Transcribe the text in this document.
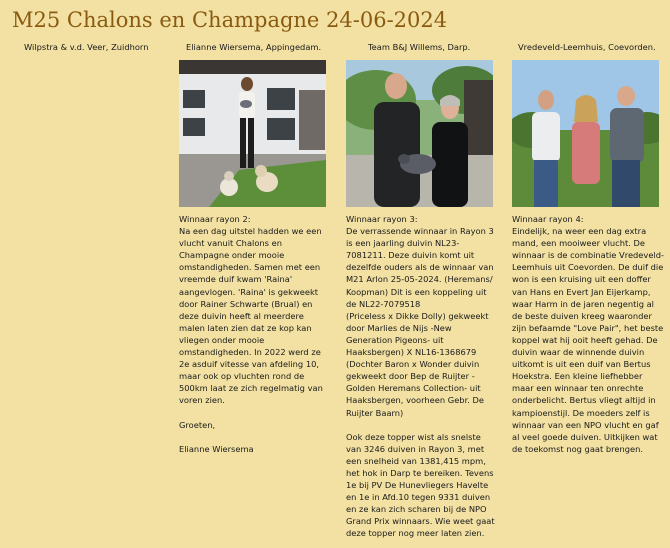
M25 Chalons en Champagne 24-06-2024
Wilpstra & v.d. Veer, Zuidhorn	Elianne Wiersema, Appingedam.
Winnaar rayon 2:
Na een dag uitstel hadden we een vlucht vanuit Chalons en Champagne onder mooie omstandigheden. Samen met een vreemde duif kwam 'Raina' aangevlogen. 'Raina' is gekweekt door Rainer Schwarte (Brual) en deze duivin heeft al meerdere malen laten zien dat ze kop kan vliegen onder mooie omstandigheden. In 2022 werd ze 2e asduif vitesse van afdeling 10, maar ook op vluchten rond de 500km laat ze zich regelmatig van voren zien.

Groeten,

Elianne Wiersema
Team B&J Willems, Darp.
Winnaar rayon 3:
De verrassende winnaar in Rayon 3 is een jaarling duivin NL23-7081211. Deze duivin komt uit dezelfde ouders als de winnaar van M21 Arlon 25-05-2024. (Heremans/ Koopman) Dit is een koppeling uit de NL22-7079518
(Priceless x Dikke Dolly) gekweekt door Marlies de Nijs -New Generation Pigeons- uit Haaksbergen) X NL16-1368679 (Dochter Baron x Wonder duivin gekweekt door Bep de Ruijter - Golden Heremans Collection- uit Haaksbergen, voorheen Gebr. De Ruijter Baarn)

Ook deze topper wist als snelste van 3246 duiven in Rayon 3, met een snelheid van 1381,415 mpm, het hok in Darp te bereiken. Tevens 1e bij PV De Hunevliegers Havelte en 1e in Afd.10 tegen 9331 duiven en ze kan zich scharen bij de NPO Grand Prix winnaars. Wie weet gaat deze topper nog meer laten zien.
Vredeveld-Leemhuis, Coevorden.
Winnaar rayon 4:
Eindelijk, na weer een dag extra mand, een mooiweer vlucht. De winnaar is de combinatie Vredeveld-Leemhuis uit Coevorden. De duif die won is een kruising uit een doffer van Hans en Evert Jan Eijerkamp, waar Harm in de jaren negentig al de beste duiven kreeg waaronder zijn befaamde "Love Pair", het beste koppel wat hij ooit heeft gehad. De duivin waar de winnende duivin uitkomt is uit een duif van Bertus Hoekstra. Een kleine liefhebber maar een winnaar ten onrechte onderbelicht. Bertus vliegt altijd in kampioenstijl. De moeders zelf is winnaar van een NPO vlucht en gaf al veel goede duiven. Uitkijken wat de toekomst nog gaat brengen.
